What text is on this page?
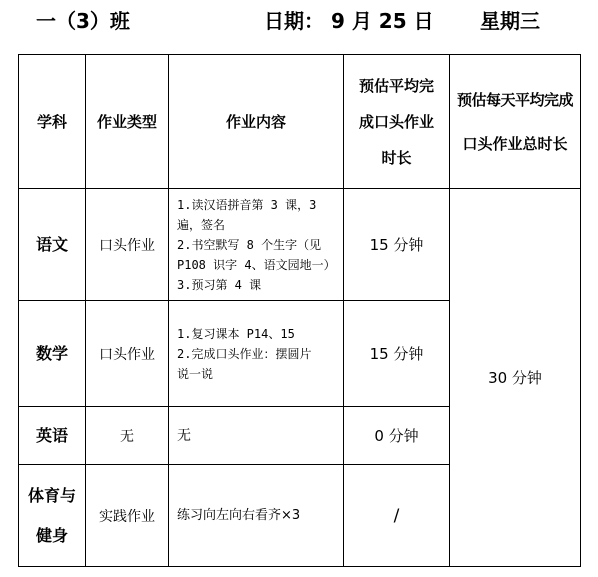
一（3）班	日期： 9 月 25 日 星期三
学科	作业类型	作业内容	预估平均完
成口头作业
时长	预估每天平均完成
口头作业总时长

语文	口头作业	1.读汉语拼音第 3 课，3
遍，签名
2.书空默写 8 个生字（见
P108 识字 4、语文园地一）
3.预习第 4 课	15 分钟	30 分钟
数学	口头作业	1.复习课本 P14、15
2.完成口头作业：摆圆片
说一说	15 分钟	
英语	无	无	0 分钟	

体育与
健身	实践作业	练习向左向右看齐×3	/	
